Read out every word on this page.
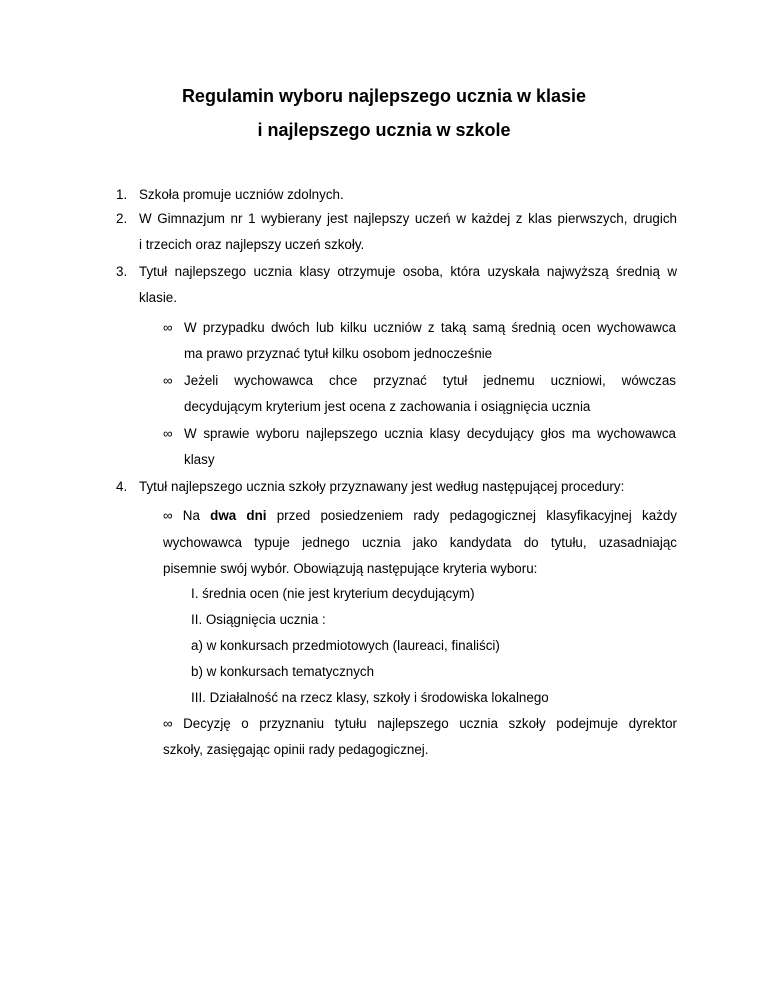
Regulamin wyboru najlepszego ucznia w klasie
i najlepszego ucznia w szkole
1. Szkoła promuje uczniów zdolnych.
2. W Gimnazjum nr 1 wybierany jest najlepszy uczeń w każdej z klas pierwszych, drugich
i trzecich oraz najlepszy uczeń szkoły.
3. Tytuł najlepszego ucznia klasy otrzymuje osoba, która uzyskała najwyższą średnią w
klasie.
∞ W przypadku dwóch lub kilku uczniów z taką samą średnią ocen wychowawca
ma prawo przyznać tytuł kilku osobom jednocześnie
∞ Jeżeli wychowawca chce przyznać tytuł jednemu uczniowi, wówczas
decydującym kryterium jest ocena z zachowania i osiągnięcia ucznia
∞ W sprawie wyboru najlepszego ucznia klasy decydujący głos ma wychowawca
klasy
4. Tytuł najlepszego ucznia szkoły przyznawany jest według następującej procedury:
∞ Na dwa dni przed posiedzeniem rady pedagogicznej klasyfikacyjnej każdy
wychowawca typuje jednego ucznia jako kandydata do tytułu, uzasadniając
pisemnie swój wybór. Obowiązują następujące kryteria wyboru:
I. średnia ocen (nie jest kryterium decydującym)
II. Osiągnięcia ucznia :
a) w konkursach przedmiotowych (laureaci, finaliści)
b) w konkursach tematycznych
III. Działalność na rzecz klasy, szkoły i środowiska lokalnego
∞ Decyzję o przyznaniu tytułu najlepszego ucznia szkoły podejmuje dyrektor
szkoły, zasięgając opinii rady pedagogicznej.
